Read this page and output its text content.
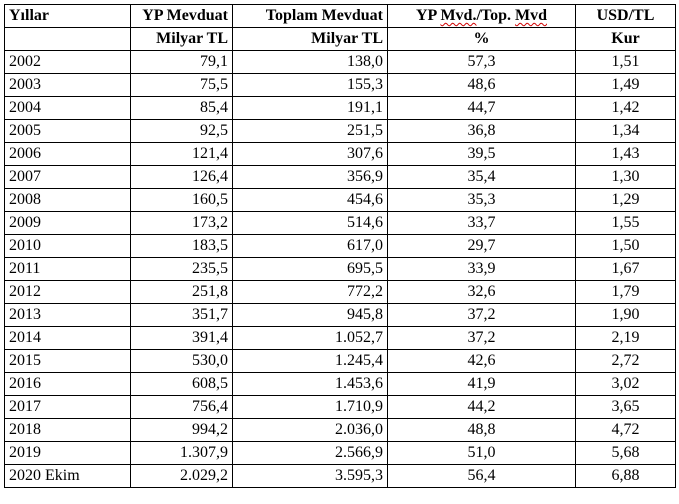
Yıllar	YP Mevduat	Toplam Mevduat	YP Mvd./Top. Mvd	USD/TL
	Milyar TL	Milyar TL	%	Kur
2002	79,1	138,0	57,3	1,51
2003	75,5	155,3	48,6	1,49
2004	85,4	191,1	44,7	1,42
2005	92,5	251,5	36,8	1,34
2006	121,4	307,6	39,5	1,43
2007	126,4	356,9	35,4	1,30
2008	160,5	454,6	35,3	1,29
2009	173,2	514,6	33,7	1,55
2010	183,5	617,0	29,7	1,50
2011	235,5	695,5	33,9	1,67
2012	251,8	772,2	32,6	1,79
2013	351,7	945,8	37,2	1,90
2014	391,4	1.052,7	37,2	2,19
2015	530,0	1.245,4	42,6	2,72
2016	608,5	1.453,6	41,9	3,02
2017	756,4	1.710,9	44,2	3,65
2018	994,2	2.036,0	48,8	4,72
2019	1.307,9	2.566,9	51,0	5,68
2020 Ekim	2.029,2	3.595,3	56,4	6,88
